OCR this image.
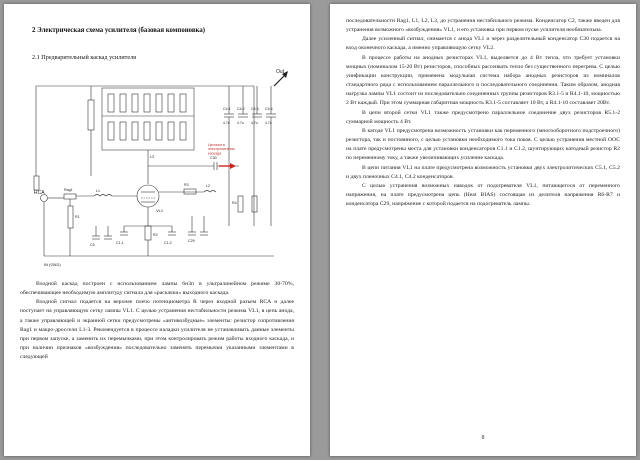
2 Электрическая схема усилителя (базовая компоновка)
2.1 Предварительный каскад усилителя
Out
Цепочки в электропитании каскада
C4.1 C4.2 C4.3 C4.4
4.7u 4.7u 4.7u 4.7u
RCA
IN (GND)
VL1
L1
L2
L3
Rag1
R1
R2
R3
C1.1	C1.2
C5
C29
C30
R4

Входной каскад построен с использованием лампы 6н3п в ультралинейном режиме 30-70%, обеспечивающее необходимую амплитуду сигнала для «раскачки» выходного каскада.

Входной сигнал подается на верхнее плечо потенциометра R через входной разъем RCA и далее поступает на управляющую сетку лампы VL1. С целью устранения нестабильности режима VL1, в цепь анода, а также управляющей и экранной сетки предусмотрены «антивозбудные» элементы: резистор сопротивления Rag1 и макро-дроссели L1-3. Рекомендуется в процессе наладки усилителя не устанавливать данные элементы при первом запуске, а заменить их перемычками, при этом контролировать режим работы входного каскада, и при наличии признаков «возбуждения» последовательно заменять перемычки указанными элементами в следующей

последовательности Rag1, L1, L2, L3, до устранения нестабильного режима. Конденсатор C2, также введен для устранения возможного «возбуждения» VL1, и его установка при первом пуске усилителя необязательна.

Далее усиленный сигнал, снимается с анода VL1 и через разделительный конденсатор C30 подается на вход оконечного каскада, а именно управляющую сетку VL2.

В процессе работы на анодных резисторах VL1, выделяется до 4 Вт тепла, что требует установки мощных (номиналом 15-20 Вт) резисторов, способных рассеивать тепло без существенного перегрева. С целью унификации конструкции, применена модульная система набора анодных резисторов из номиналов стандартного ряда с использованием параллельного и последовательного соединения. Таким образом, анодная нагрузка лампы VL1 состоит из последовательно соединенных группы резисторов R3.1-5 и R4.1-10, мощностью 2 Вт каждый. При этом суммарная габаритная мощность R3.1-5 составляет 10 Вт, а R4.1-10 составляет 20Вт.

В цепи второй сетки VL1 также предусмотрено параллельное соединение двух резисторов R5.1-2 суммарной мощность 4 Вт.

В катоде VL1 предусмотрена возможность установки как переменного (многооборотного подстроечного) резистора, так и постоянного, с целью установки необходимого тока покоя. С целью устранения местной ООС на плате предусмотрены места для установки конденсаторов C1.1 и C1.2, шунтирующих катодный резистор R2 по переменному току, а также увеличивающих усиление каскада.

В цепи питания VL1 на плате предусмотрена возможность установки двух электролитических C5.1, C5.2 и двух пленочных C4.1, C4.2 конденсаторов.

С целью устранения возможных наводок от подогревателя VL1, питающегося от переменного напряжения, на плате предусмотрена цепь (Heat BIAS) состоящая из делителя напряжения R6-R7 и конденсатора C29, напряжение с которой подается на подогреватель лампы.

8
